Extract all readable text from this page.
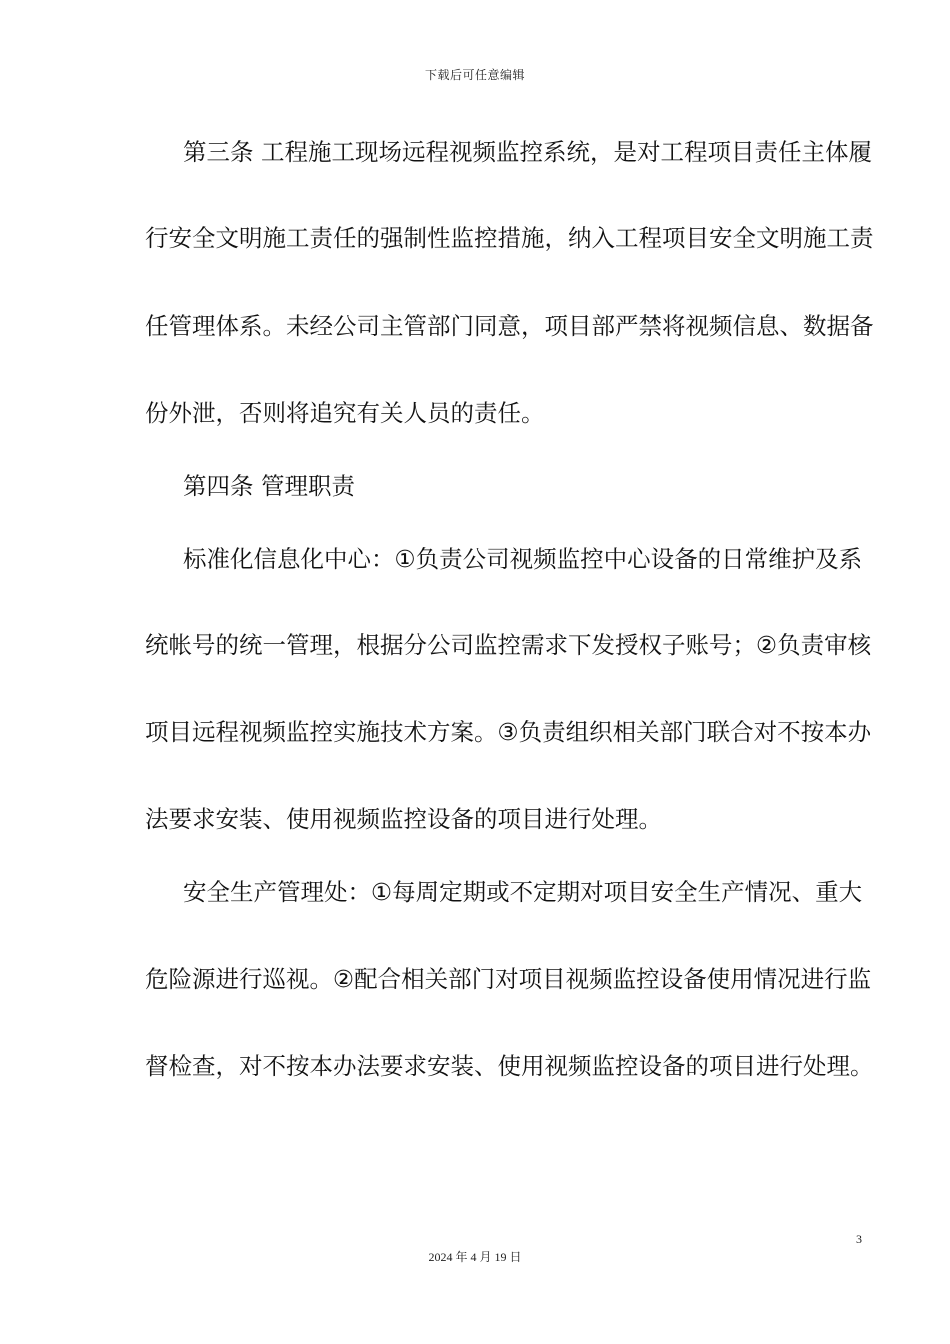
下载后可任意编辑

第三条 工程施工现场远程视频监控系统，是对工程项目责任主体履

行安全文明施工责任的强制性监控措施，纳入工程项目安全文明施工责

任管理体系。未经公司主管部门同意，项目部严禁将视频信息、数据备

份外泄，否则将追究有关人员的责任。

第四条 管理职责

标准化信息化中心：①负责公司视频监控中心设备的日常维护及系

统帐号的统一管理，根据分公司监控需求下发授权子账号；②负责审核

项目远程视频监控实施技术方案。③负责组织相关部门联合对不按本办

法要求安装、使用视频监控设备的项目进行处理。

安全生产管理处：①每周定期或不定期对项目安全生产情况、重大

危险源进行巡视。②配合相关部门对项目视频监控设备使用情况进行监

督检查，对不按本办法要求安装、使用视频监控设备的项目进行处理。

3
2024 年 4 月 19 日
